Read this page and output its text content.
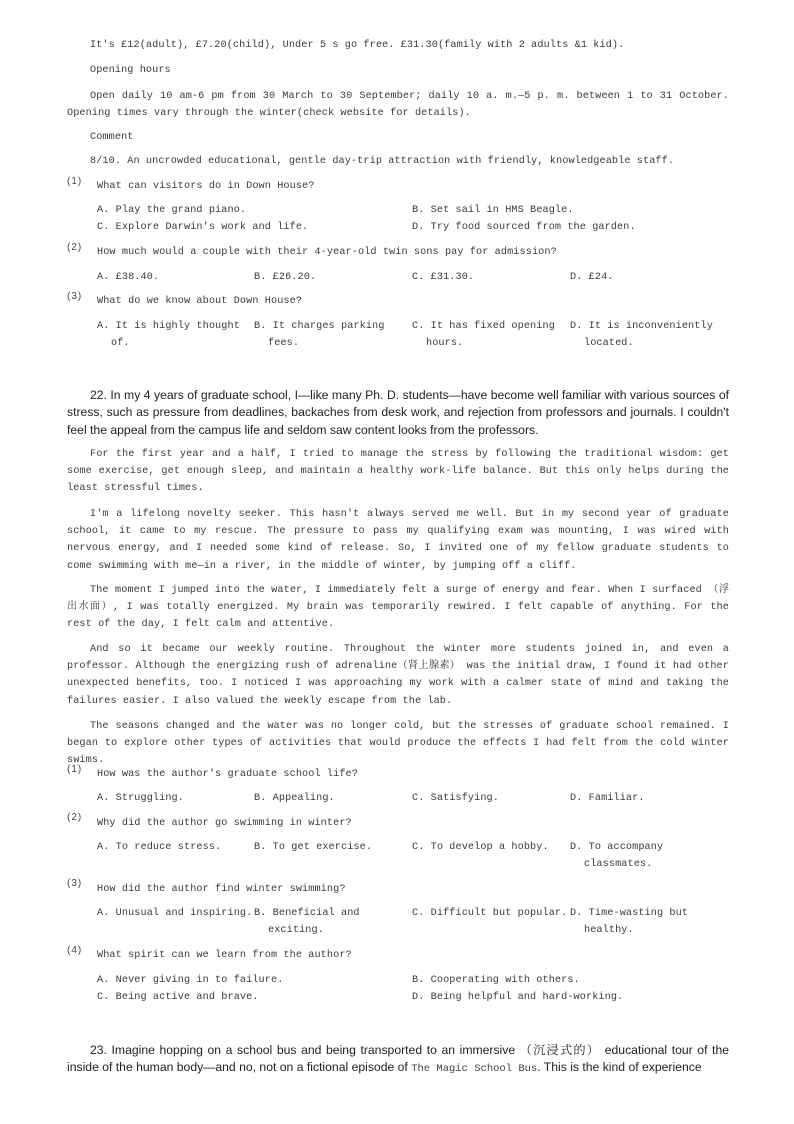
It's £12(adult), £7.20(child), Under 5 s go free. £31.30(family with 2 adults &1 kid).
Opening hours
Open daily 10 am-6 pm from 30 March to 30 September; daily 10 a. m.—5 p. m. between 1 to 31 October. Opening times vary through the winter(check website for details).
Comment
8/10. An uncrowded educational, gentle day-trip attraction with friendly, knowledgeable staff.
(1) What can visitors do in Down House?
A. Play the grand piano.	B. Set sail in HMS Beagle.
C. Explore Darwin's work and life.	D. Try food sourced from the garden.
(2) How much would a couple with their 4-year-old twin sons pay for admission?
A. £38.40.	B. £26.20.	C. £31.30.	D. £24.
(3) What do we know about Down House?
A. It is highly thought
of.
B. It charges parking
fees.
C. It has fixed opening
hours.
D. It is inconveniently
located.
22. In my 4 years of graduate school, I—like many Ph. D. students—have become well familiar with various sources of stress, such as pressure from deadlines, backaches from desk work, and rejection from professors and journals. I couldn't feel the appeal from the campus life and seldom saw content looks from the professors.
For the first year and a half, I tried to manage the stress by following the traditional wisdom: get some exercise, get enough sleep, and maintain a healthy work-life balance. But this only helps during the least stressful times.
I'm a lifelong novelty seeker. This hasn't always served me well. But in my second year of graduate school, it came to my rescue. The pressure to pass my qualifying exam was mounting, I was wired with nervous energy, and I needed some kind of release. So, I invited one of my fellow graduate students to come swimming with me—in a river, in the middle of winter, by jumping off a cliff.
The moment I jumped into the water, I immediately felt a surge of energy and fear. When I surfaced （浮出水面）, I was totally energized. My brain was temporarily rewired. I felt capable of anything. For the rest of the day, I felt calm and attentive.
And so it became our weekly routine. Throughout the winter more students joined in, and even a professor. Although the energizing rush of adrenaline（肾上腺素） was the initial draw, I found it had other unexpected benefits, too. I noticed I was approaching my work with a calmer state of mind and taking the failures easier. I also valued the weekly escape from the lab.
The seasons changed and the water was no longer cold, but the stresses of graduate school remained. I began to explore other types of activities that would produce the effects I had felt from the cold winter swims.
(1) How was the author's graduate school life?
A. Struggling.	B. Appealing.	C. Satisfying.	D. Familiar.
(2)
Why did the author go swimming in winter?
A. To reduce stress.	B. To get exercise.	C. To develop a hobby. D. To accompany
classmates.
(3)
How did the author find winter swimming?
A. Unusual and inspiring. B. Beneficial and
exciting.
C. Difficult but popular. D. Time-wasting but
healthy.
(4) What spirit can we learn from the author?
A. Never giving in to failure.	B. Cooperating with others.
C. Being active and brave.	D. Being helpful and hard-working.
23. Imagine hopping on a school bus and being transported to an immersive （沉浸式的） educational tour of the inside of the human body—and no, not on a fictional episode of The Magic School Bus. This is the kind of experience
